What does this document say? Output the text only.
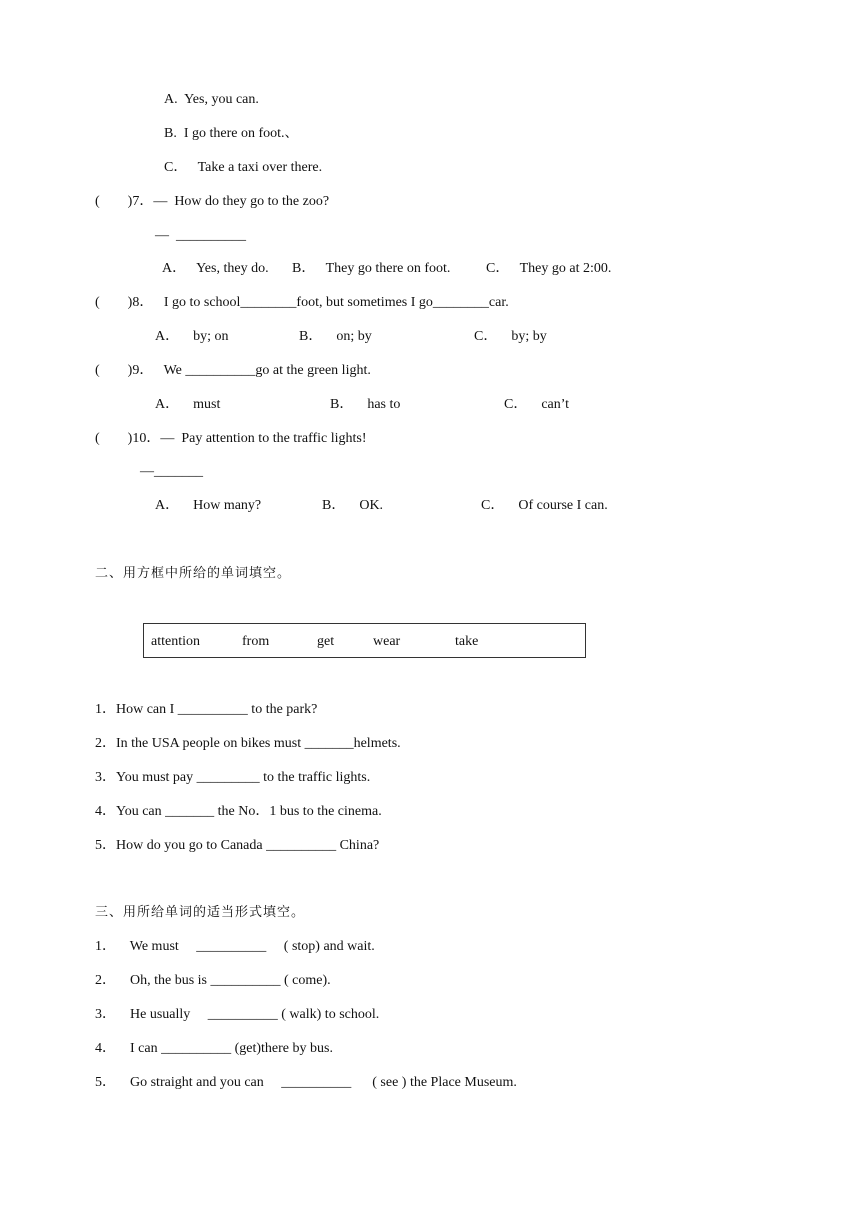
A.  Yes, you can.
B.  I go there on foot.、
C．   Take a taxi over there.
(        )7．—  How do they go to the zoo?
—  __________
A．   Yes, they do. B．   They go there on foot.	C．   They go at 2:00.
(        )8．   I go to school________foot, but sometimes I go________car.
A．    by; on	B．    on; by	C．    by; by
(        )9．   We __________go at the green light.
A．    must	B．    has to	C．    can’t
(        )10．—  Pay attention to the traffic lights!
—_______
A．    How many?	B．    OK.	C．    Of course I can.
二、用方框中所给的单词填空。
attention	from	get	wear	take
1．How can I __________ to the park?
2．In the USA people on bikes must _______helmets.
3．You must pay _________ to the traffic lights.
4．You can _______ the No．1 bus to the cinema.
5．How do you go to Canada __________ China?
三、用所给单词的适当形式填空。
1．    We must     __________     ( stop) and wait.
2．    Oh, the bus is __________ ( come).
3．    He usually     __________ ( walk) to school.
4．    I can __________ (get)there by bus.
5．    Go straight and you can     __________      ( see ) the Place Museum.
